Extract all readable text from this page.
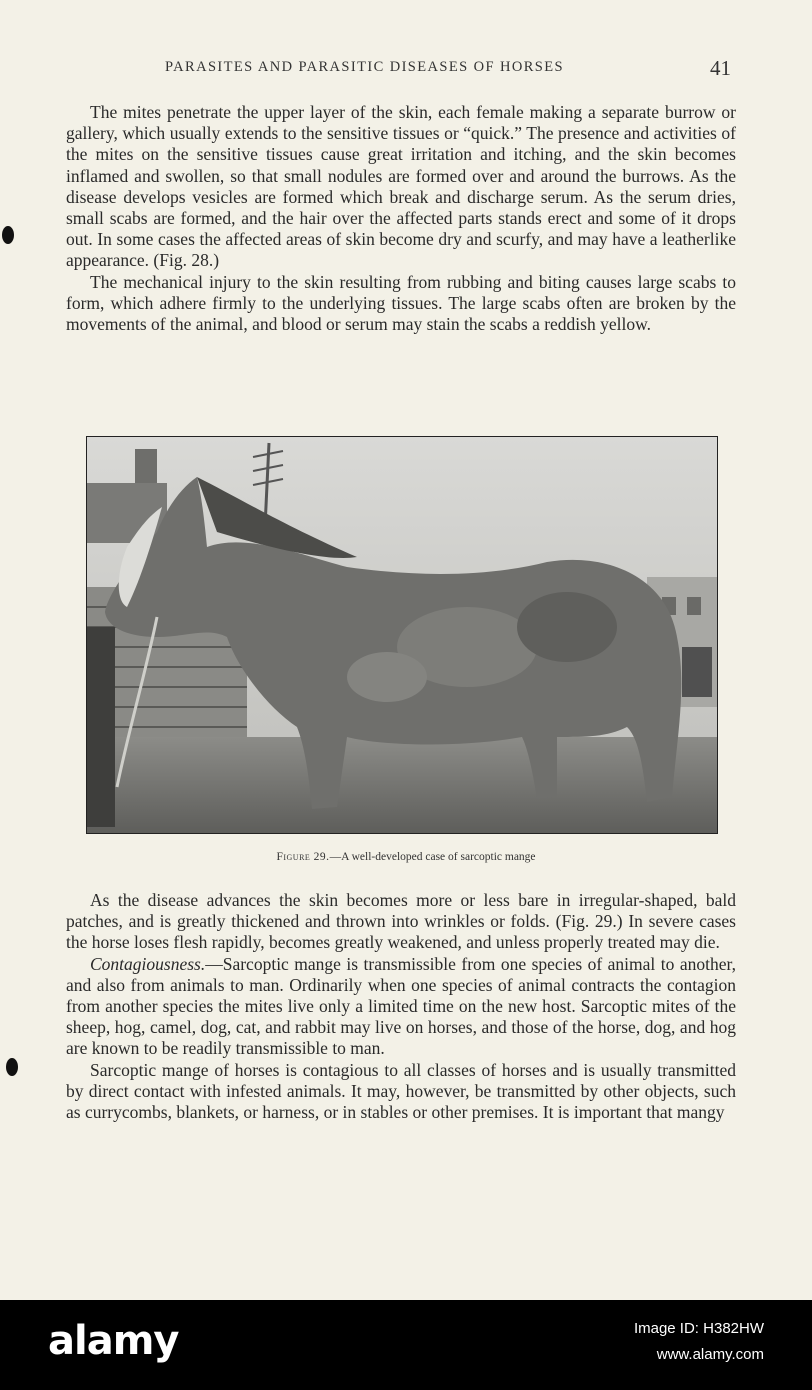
PARASITES AND PARASITIC DISEASES OF HORSES	41

The mites penetrate the upper layer of the skin, each female making a separate burrow or gallery, which usually extends to the sensitive tissues or “quick.” The presence and activities of the mites on the sensitive tissues cause great irritation and itching, and the skin becomes inflamed and swollen, so that small nodules are formed over and around the burrows. As the disease develops vesicles are formed which break and discharge serum. As the serum dries, small scabs are formed, and the hair over the affected parts stands erect and some of it drops out. In some cases the affected areas of skin become dry and scurfy, and may have a leatherlike appearance. (Fig. 28.)

The mechanical injury to the skin resulting from rubbing and biting causes large scabs to form, which adhere firmly to the underlying tissues. The large scabs often are broken by the movements of the animal, and blood or serum may stain the scabs a reddish yellow.

Figure 29.—A well-developed case of sarcoptic mange

As the disease advances the skin becomes more or less bare in irregular-shaped, bald patches, and is greatly thickened and thrown into wrinkles or folds. (Fig. 29.) In severe cases the horse loses flesh rapidly, becomes greatly weakened, and unless properly treated may die.

Contagiousness.—Sarcoptic mange is transmissible from one species of animal to another, and also from animals to man. Ordinarily when one species of animal contracts the contagion from another species the mites live only a limited time on the new host. Sarcoptic mites of the sheep, hog, camel, dog, cat, and rabbit may live on horses, and those of the horse, dog, and hog are known to be readily transmissible to man.

Sarcoptic mange of horses is contagious to all classes of horses and is usually transmitted by direct contact with infested animals. It may, however, be transmitted by other objects, such as currycombs, blankets, or harness, or in stables or other premises. It is important that mangy

alamy	Image ID: H382HW
www.alamy.com
